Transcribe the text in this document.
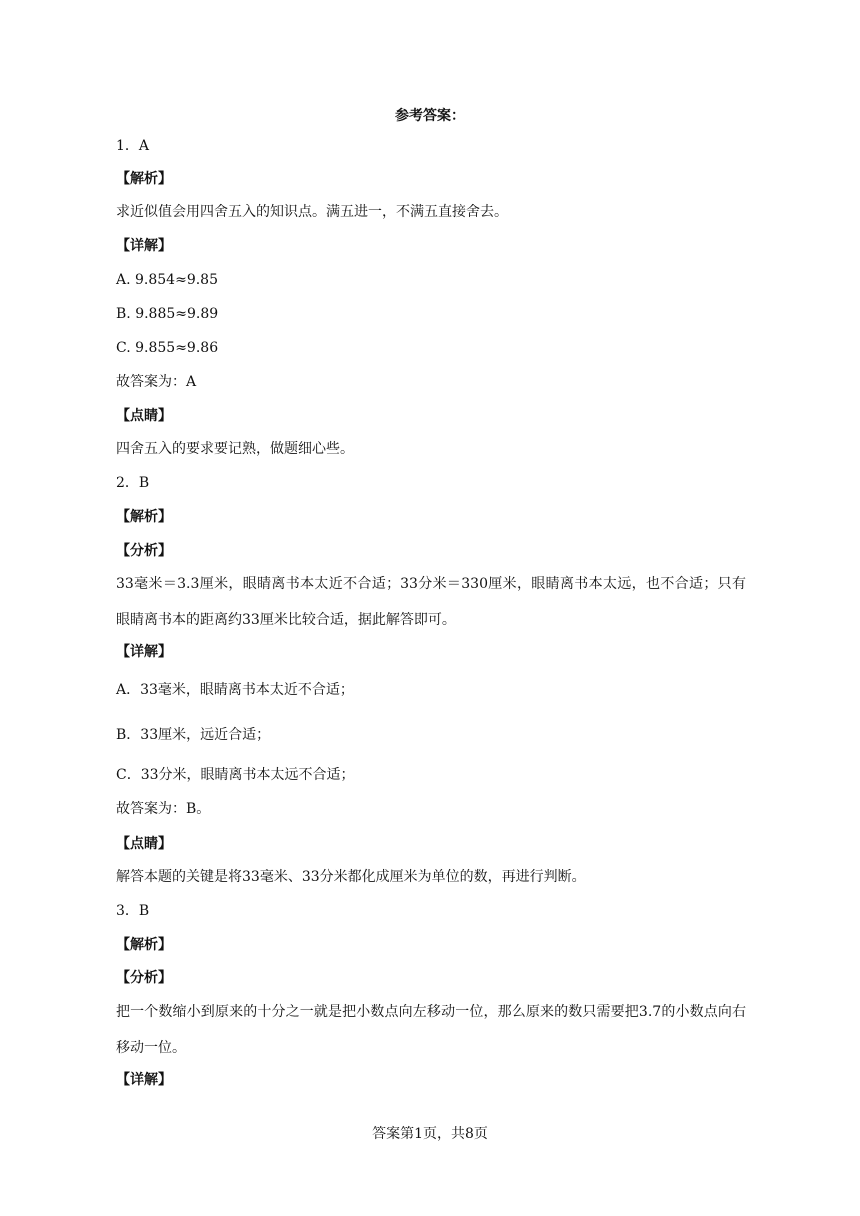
参考答案：
1．A
【解析】
求近似值会用四舍五入的知识点。满五进一，不满五直接舍去。
【详解】
A. 9.854≈9.85
B. 9.885≈9.89
C. 9.855≈9.86
故答案为：A
【点睛】
四舍五入的要求要记熟，做题细心些。
2．B
【解析】
【分析】
33毫米＝3.3厘米，眼睛离书本太近不合适；33分米＝330厘米，眼睛离书本太远，也不合适；只有眼睛离书本的距离约33厘米比较合适，据此解答即可。
【详解】
A．33毫米，眼睛离书本太近不合适；
B．33厘米，远近合适；
C．33分米，眼睛离书本太远不合适；
故答案为：B。
【点睛】
解答本题的关键是将33毫米、33分米都化成厘米为单位的数，再进行判断。
3．B
【解析】
【分析】
把一个数缩小到原来的十分之一就是把小数点向左移动一位，那么原来的数只需要把3.7的小数点向右移动一位。
【详解】
答案第1页，共8页
